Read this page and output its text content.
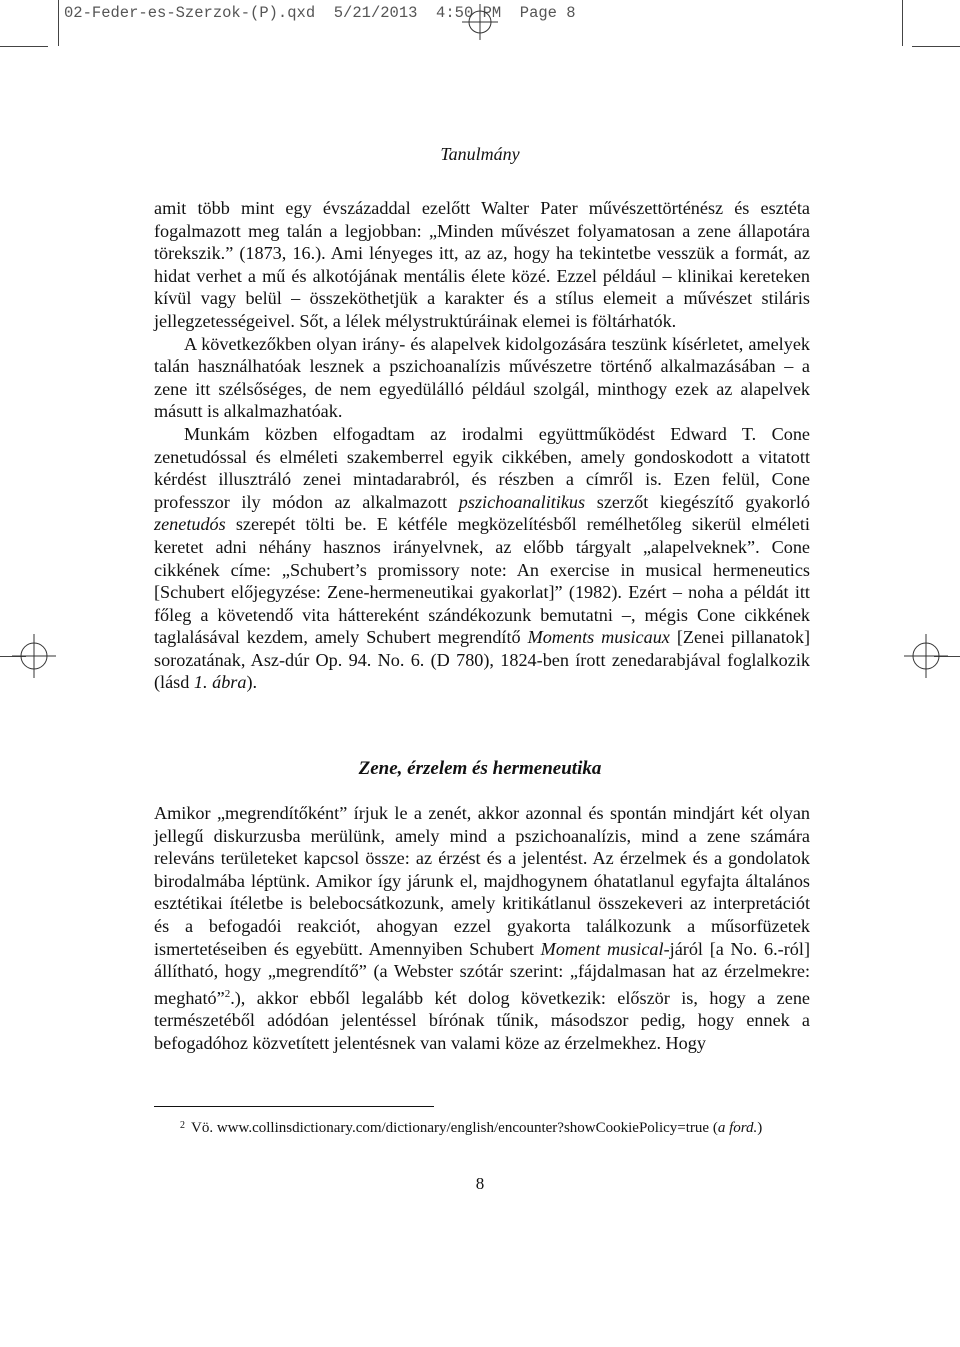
02-Feder-es-Szerzok-(P).qxd  5/21/2013  4:50 PM  Page 8
Tanulmány

amit több mint egy évszázaddal ezelőtt Walter Pater művészettörténész és esztéta fogalmazott meg talán a legjobban: „Minden művészet folyamatosan a zene állapotára törekszik.” (1873, 16.). Ami lényeges itt, az az, hogy ha tekintetbe vesszük a formát, az hidat verhet a mű és alkotójának mentális élete közé. Ezzel például – klinikai kereteken kívül vagy belül – összeköthetjük a karakter és a stílus elemeit a művészet stiláris jellegzetességeivel. Sőt, a lélek mélystruktúráinak elemei is föltárhatók.

A következőkben olyan irány- és alapelvek kidolgozására teszünk kísérletet, amelyek talán használhatóak lesznek a pszichoanalízis művészetre történő alkalmazásában – a zene itt szélsőséges, de nem egyedülálló például szolgál, minthogy ezek az alapelvek másutt is alkalmazhatóak.

Munkám közben elfogadtam az irodalmi együttműködést Edward T. Cone zenetudóssal és elméleti szakemberrel egyik cikkében, amely gondoskodott a vitatott kérdést illusztráló zenei mintadarabról, és részben a címről is. Ezen felül, Cone professzor ily módon az alkalmazott pszichoanalitikus szerzőt kiegészítő gyakorló zenetudós szerepét tölti be. E kétféle megközelítésből remélhetőleg sikerül elméleti keretet adni néhány hasznos irányelvnek, az előbb tárgyalt „alapelveknek”. Cone cikkének címe: „Schubert’s promissory note: An exercise in musical hermeneutics [Schubert előjegyzése: Zene-hermeneutikai gyakorlat]” (1982). Ezért – noha a példát itt főleg a követendő vita háttereként szándékozunk bemutatni –, mégis Cone cikkének taglalásával kezdem, amely Schubert megrendítő Moments musicaux [Zenei pillanatok] sorozatának, Asz-dúr Op. 94. No. 6. (D 780), 1824-ben írott zenedarabjával foglalkozik (lásd 1. ábra).

Zene, érzelem és hermeneutika

Amikor „megrendítőként” írjuk le a zenét, akkor azonnal és spontán mindjárt két olyan jellegű diskurzusba merülünk, amely mind a pszichoanalízis, mind a zene számára releváns területeket kapcsol össze: az érzést és a jelentést. Az érzelmek és a gondolatok birodalmába léptünk. Amikor így járunk el, majdhogynem óhatatlanul egyfajta általános esztétikai ítéletbe is belebocsátkozunk, amely kritikátlanul összekeveri az interpretációt és a befogadói reakciót, ahogyan ezzel gyakorta találkozunk a műsorfüzetek ismertetéseiben és egyebütt. Amennyiben Schubert Moment musical-járól [a No. 6.-ról] állítható, hogy „megrendítő” (a Webster szótár szerint: „fájdalmasan hat az érzelmekre: megható”$^2$.), akkor ebből legalább két dolog következik: először is, hogy a zene természetéből adódóan jelentéssel bírónak tűnik, másodszor pedig, hogy ennek a befogadóhoz közvetített jelentésnek van valami köze az érzelmekhez. Hogy

$^2$ Vö. www.collinsdictionary.com/dictionary/english/encounter?showCookiePolicy=true (a ford.)
8
